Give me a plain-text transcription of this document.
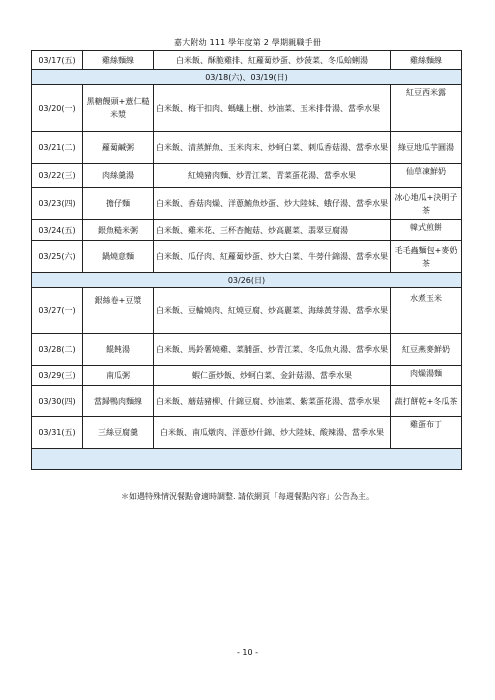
嘉大附幼 111 學年度第 2 學期親職手冊
03/17(五)	雞絲麵線	白米飯、酥脆雞排、紅蘿蔔炒蛋、炒菠菜、冬瓜蛤蜊湯	雞絲麵線
03/18(六)、03/19(日)			
03/20(一)	黑糖饅頭+薏仁糙米漿	白米飯、梅干扣肉、螞蟻上樹、炒油菜、玉米排骨湯、當季水果	紅豆西米露
03/21(二)	蘿蔔鹹粥	白米飯、清蒸鮮魚、玉米肉末、炒蚵白菜、刺瓜香菇湯、當季水果	綠豆地瓜芋圓湯
03/22(三)	肉絲羹湯	紅燒豬肉麵、炒青江菜、青菜蛋花湯、當季水果	仙草凍鮮奶
03/23(四)	擔仔麵	白米飯、香菇肉燥、洋蔥鮪魚炒蛋、炒大陸妹、蛾仔湯、當季水果	冰心地瓜+決明子茶
03/24(五)	銀魚糙米粥	白米飯、雞米花、三杯杏鮑菇、炒高麗菜、翡翠豆腐湯	韓式煎餅
03/25(六)	鍋燒意麵	白米飯、瓜仔肉、紅蘿蔔炒蛋、炒大白菜、牛蒡什錦湯、當季水果	毛毛蟲麵包+麥奶茶
03/26(日)			
03/27(一)	銀絲卷+豆漿	白米飯、豆輪燒肉、紅燒豆腐、炒高麗菜、海絲黃芽湯、當季水果	水煮玉米
03/28(二)	餛飩湯	白米飯、馬鈴薯燒雞、菜脯蛋、炒青江菜、冬瓜魚丸湯、當季水果	紅豆燕麥鮮奶
03/29(三)	南瓜粥	蝦仁蛋炒飯、炒蚵白菜、金針菇湯、當季水果	肉燥湯麵
03/30(四)	當歸鴨肉麵線	白米飯、蘑菇豬柳、什錦豆腐、炒油菜、紫菜蛋花湯、當季水果	蔬打餅乾+冬瓜茶
03/31(五)	三絲豆腐羹	白米飯、南瓜燉肉、洋蔥炒什錦、炒大陸妹、酸辣湯、當季水果	雞蛋布丁

＊如遇特殊情況餐點會適時調整. 請依網頁「每週餐點內容」公告為主。
- 10 -
